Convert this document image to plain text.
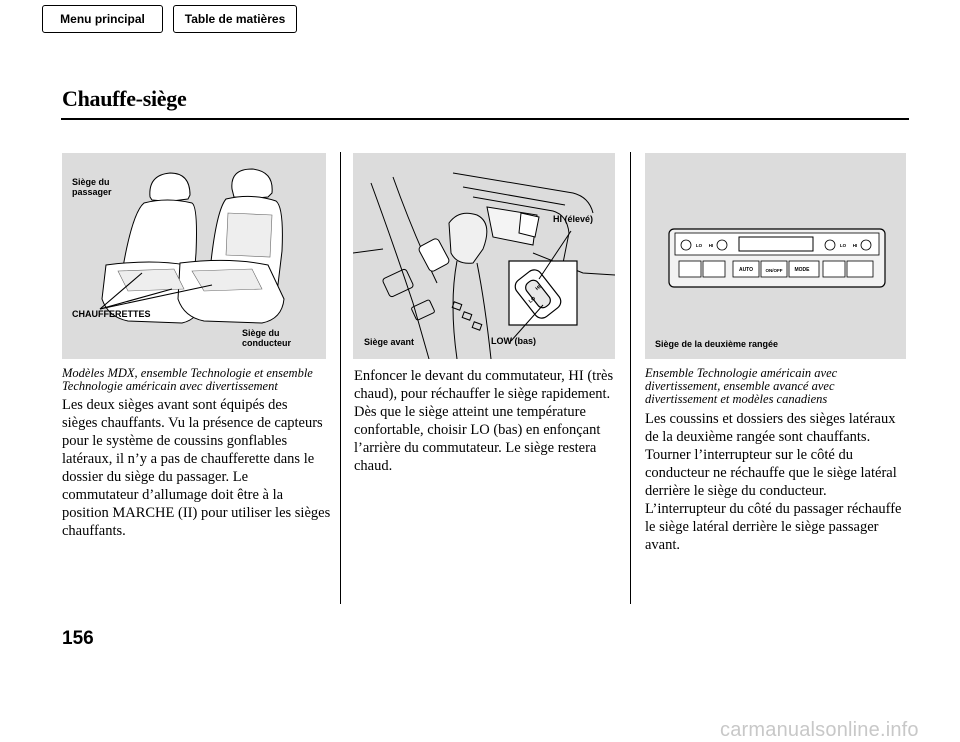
Menu principal	Table de matières
Chauffe-siège
Siège du
passager
CHAUFFERETTES
Siège du
conducteur
HI
LO
HI (élevé)
Siège avant	LOW (bas)
LO HI	LO HI
AUTO	ON/OFF MODE
Siège de la deuxième rangée
Modèles MDX, ensemble Technologie et ensemble
Technologie américain avec divertissement
Les deux sièges avant sont équipés des
sièges chauffants. Vu la présence de capteurs
pour le système de coussins gonflables
latéraux, il n’y a pas de chaufferette dans le
dossier du siège du passager. Le
commutateur d’allumage doit être à la
position MARCHE (II) pour utiliser les sièges
chauffants.
Enfoncer le devant du commutateur, HI (très
chaud), pour réchauffer le siège rapidement.
Dès que le siège atteint une température
confortable, choisir LO (bas) en enfonçant
l’arrière du commutateur. Le siège restera
chaud.
Ensemble Technologie américain avec
divertissement, ensemble avancé avec
divertissement et modèles canadiens
Les coussins et dossiers des sièges latéraux
de la deuxième rangée sont chauffants.
Tourner l’interrupteur sur le côté du
conducteur ne réchauffe que le siège latéral
derrière le siège du conducteur.
L’interrupteur du côté du passager réchauffe
le siège latéral derrière le siège passager
avant.
156
carmanualsonline.info
